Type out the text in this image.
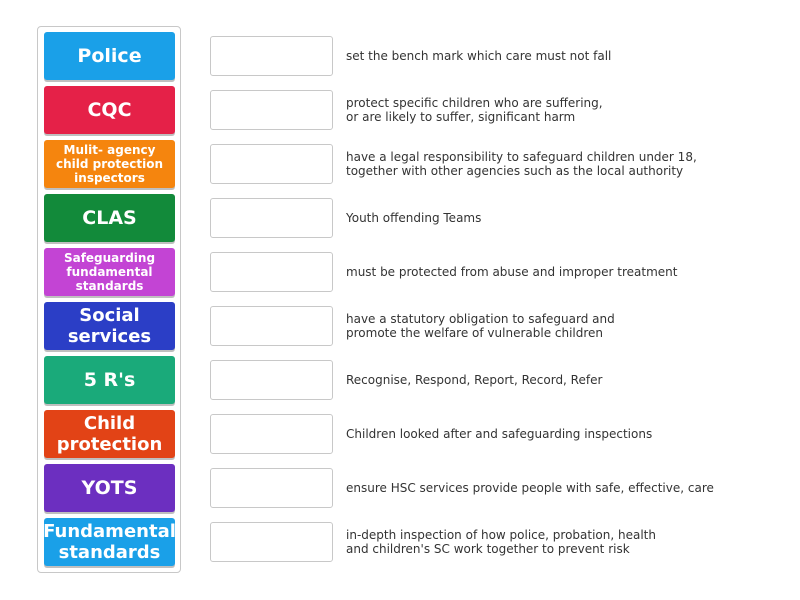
Police
CQC
Mulit- agency
child protection
inspectors
CLAS
Safeguarding
fundamental
standards
Social
services
5 R's
Child
protection
YOTS
Fundamental
standards
set the bench mark which care must not fall
protect specific children who are suffering,
or are likely to suffer, significant harm
have a legal responsibility to safeguard children under 18,
together with other agencies such as the local authority
Youth offending Teams
must be protected from abuse and improper treatment
have a statutory obligation to safeguard and
promote the welfare of vulnerable children
Recognise, Respond, Report, Record, Refer
Children looked after and safeguarding inspections
ensure HSC services provide people with safe, effective, care
in-depth inspection of how police, probation, health
and children's SC work together to prevent risk
